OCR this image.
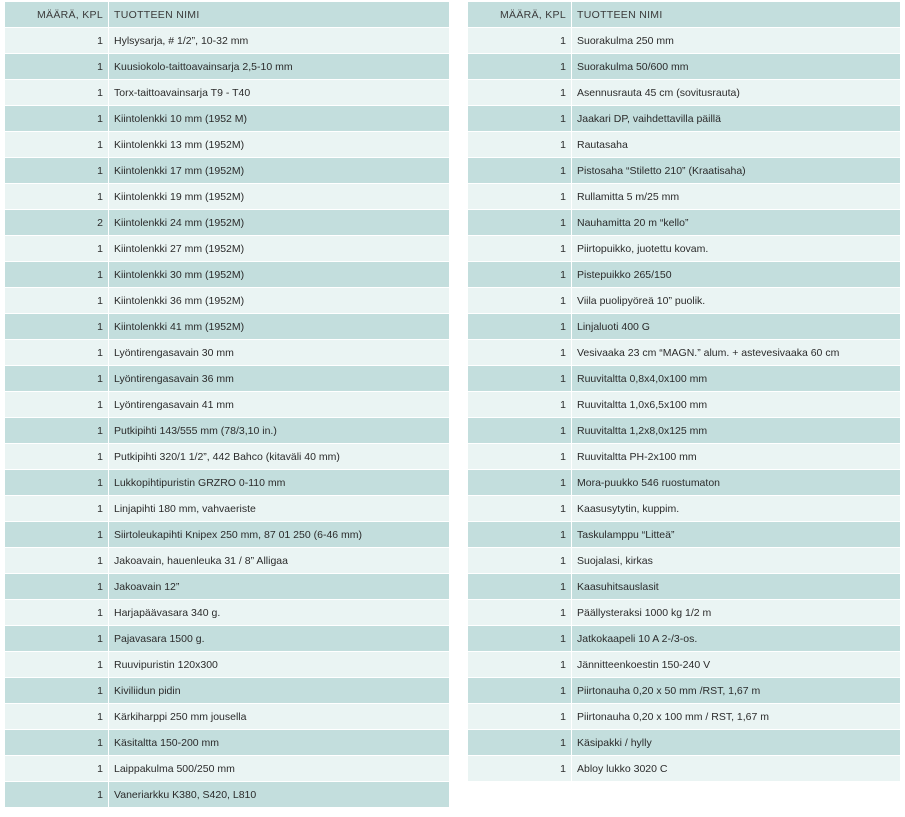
MÄÄRÄ, KPL	TUOTTEEN NIMI
1	Hylsysarja, # 1/2”, 10-32 mm
1	Kuusiokolo-taittoavainsarja 2,5-10 mm
1	Torx-taittoavainsarja T9 - T40
1	Kiintolenkki 10 mm (1952 M)
1	Kiintolenkki 13 mm (1952M)
1	Kiintolenkki 17 mm (1952M)
1	Kiintolenkki 19 mm (1952M)
2	Kiintolenkki 24 mm (1952M)
1	Kiintolenkki 27 mm (1952M)
1	Kiintolenkki 30 mm (1952M)
1	Kiintolenkki 36 mm (1952M)
1	Kiintolenkki 41 mm (1952M)
1	Lyöntirengasavain 30 mm
1	Lyöntirengasavain 36 mm
1	Lyöntirengasavain 41 mm
1	Putkipihti 143/555 mm (78/3,10 in.)
1	Putkipihti 320/1 1/2”, 442 Bahco (kitaväli 40 mm)
1	Lukkopihtipuristin GRZRO 0-110 mm
1	Linjapihti 180 mm, vahvaeriste
1	Siirtoleukapihti Knipex 250 mm, 87 01 250 (6-46 mm)
1	Jakoavain, hauenleuka 31 / 8” Alligaa
1	Jakoavain 12”
1	Harjapäävasara 340 g.
1	Pajavasara 1500 g.
1	Ruuvipuristin 120x300
1	Kiviliidun pidin
1	Kärkiharppi 250 mm jousella
1	Käsitaltta 150-200 mm
1	Laippakulma 500/250 mm
1	Vaneriarkku K380, S420, L810
MÄÄRÄ, KPL	TUOTTEEN NIMI
1	Suorakulma 250 mm
1	Suorakulma 50/600 mm
1	Asennusrauta 45 cm (sovitusrauta)
1	Jaakari DP, vaihdettavilla päillä
1	Rautasaha
1	Pistosaha “Stiletto 210” (Kraatisaha)
1	Rullamitta 5 m/25 mm
1	Nauhamitta 20 m “kello”
1	Piirtopuikko, juotettu kovam.
1	Pistepuikko 265/150
1	Viila puolipyöreä 10” puolik.
1	Linjaluoti 400 G
1	Vesivaaka 23 cm “MAGN.” alum. + astevesivaaka 60 cm
1	Ruuvitaltta 0,8x4,0x100 mm
1	Ruuvitaltta 1,0x6,5x100 mm
1	Ruuvitaltta 1,2x8,0x125 mm
1	Ruuvitaltta PH-2x100 mm
1	Mora-puukko 546 ruostumaton
1	Kaasusytytin, kuppim.
1	Taskulamppu “Litteä”
1	Suojalasi, kirkas
1	Kaasuhitsauslasit
1	Päällysteraksi 1000 kg 1/2 m
1	Jatkokaapeli 10 A 2-/3-os.
1	Jännitteenkoestin 150-240 V
1	Piirtonauha 0,20 x 50 mm /RST, 1,67 m
1	Piirtonauha 0,20 x 100 mm / RST, 1,67 m
1	Käsipakki / hylly
1	Abloy lukko 3020 C
